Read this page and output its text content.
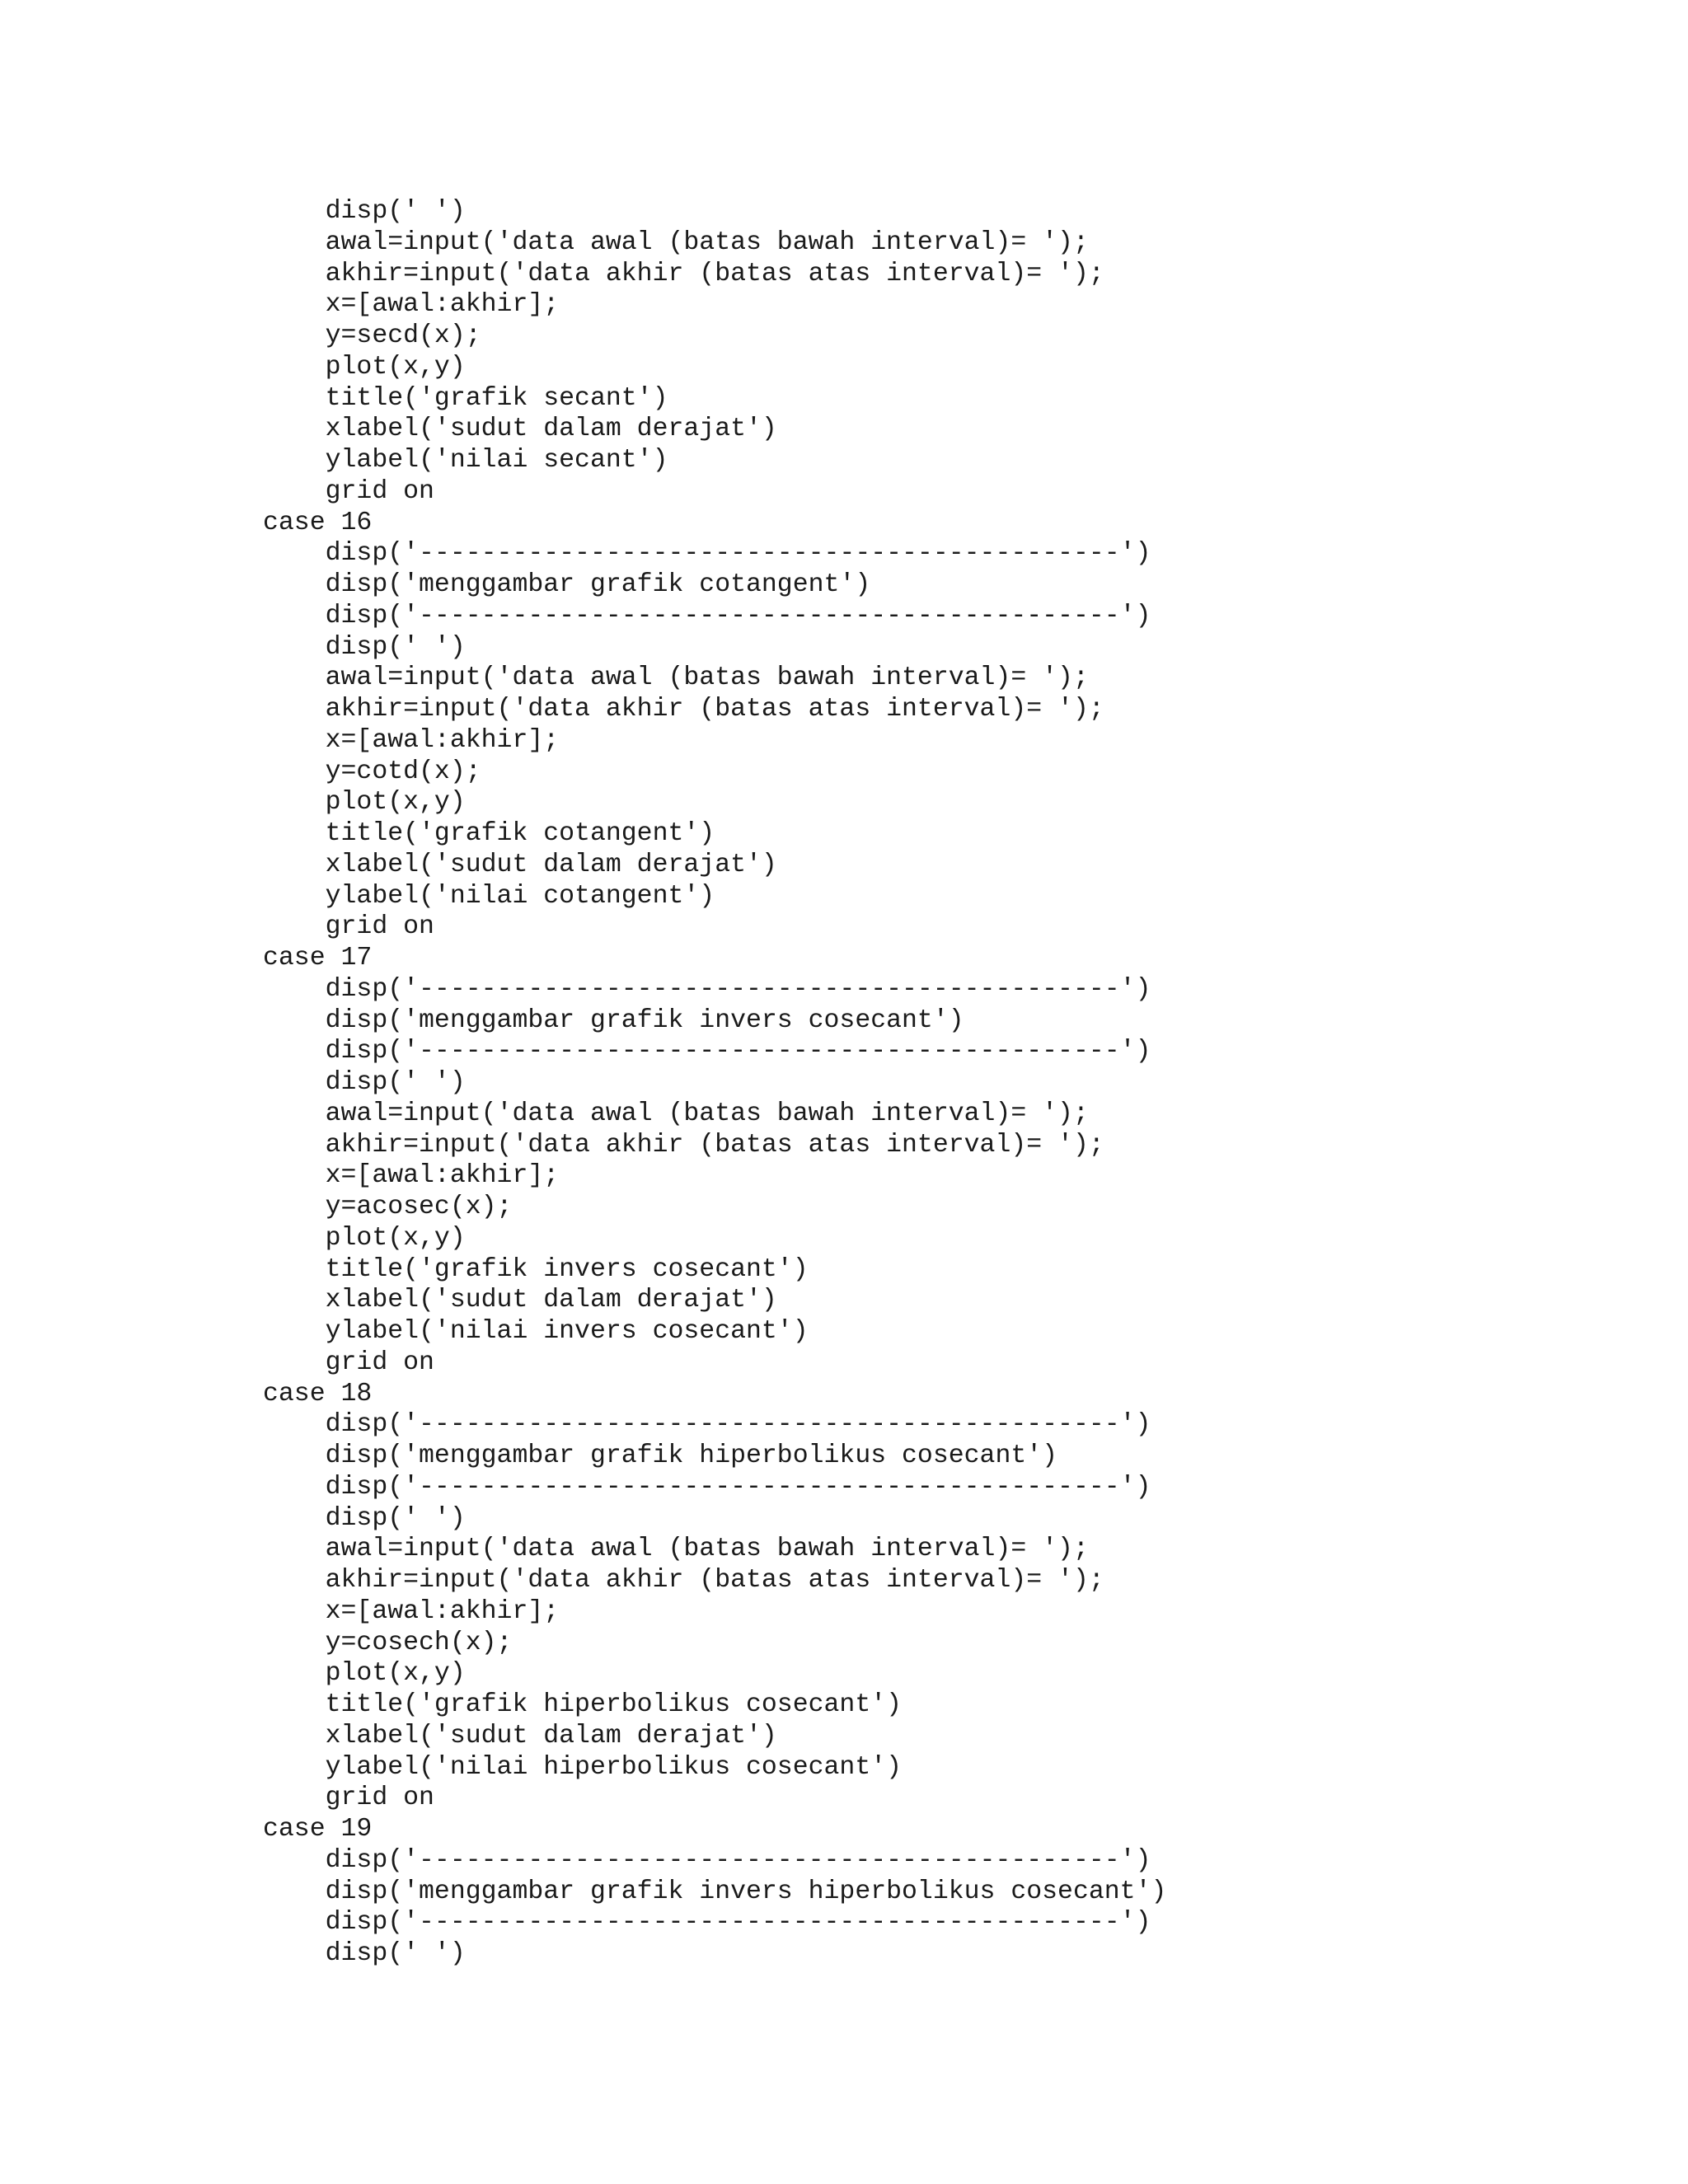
disp(' ')
awal=input('data awal (batas bawah interval)= ');
akhir=input('data akhir (batas atas interval)= ');
x=[awal:akhir];
y=secd(x);
plot(x,y)
title('grafik secant')
xlabel('sudut dalam derajat')
ylabel('nilai secant')
grid on
case 16
disp('---------------------------------------------')
disp('menggambar grafik cotangent')
disp('---------------------------------------------')
disp(' ')
awal=input('data awal (batas bawah interval)= ');
akhir=input('data akhir (batas atas interval)= ');
x=[awal:akhir];
y=cotd(x);
plot(x,y)
title('grafik cotangent')
xlabel('sudut dalam derajat')
ylabel('nilai cotangent')
grid on
case 17
disp('---------------------------------------------')
disp('menggambar grafik invers cosecant')
disp('---------------------------------------------')
disp(' ')
awal=input('data awal (batas bawah interval)= ');
akhir=input('data akhir (batas atas interval)= ');
x=[awal:akhir];
y=acosec(x);
plot(x,y)
title('grafik invers cosecant')
xlabel('sudut dalam derajat')
ylabel('nilai invers cosecant')
grid on
case 18
disp('---------------------------------------------')
disp('menggambar grafik hiperbolikus cosecant')
disp('---------------------------------------------')
disp(' ')
awal=input('data awal (batas bawah interval)= ');
akhir=input('data akhir (batas atas interval)= ');
x=[awal:akhir];
y=cosech(x);
plot(x,y)
title('grafik hiperbolikus cosecant')
xlabel('sudut dalam derajat')
ylabel('nilai hiperbolikus cosecant')
grid on
case 19
disp('---------------------------------------------')
disp('menggambar grafik invers hiperbolikus cosecant')
disp('---------------------------------------------')
disp(' ')
